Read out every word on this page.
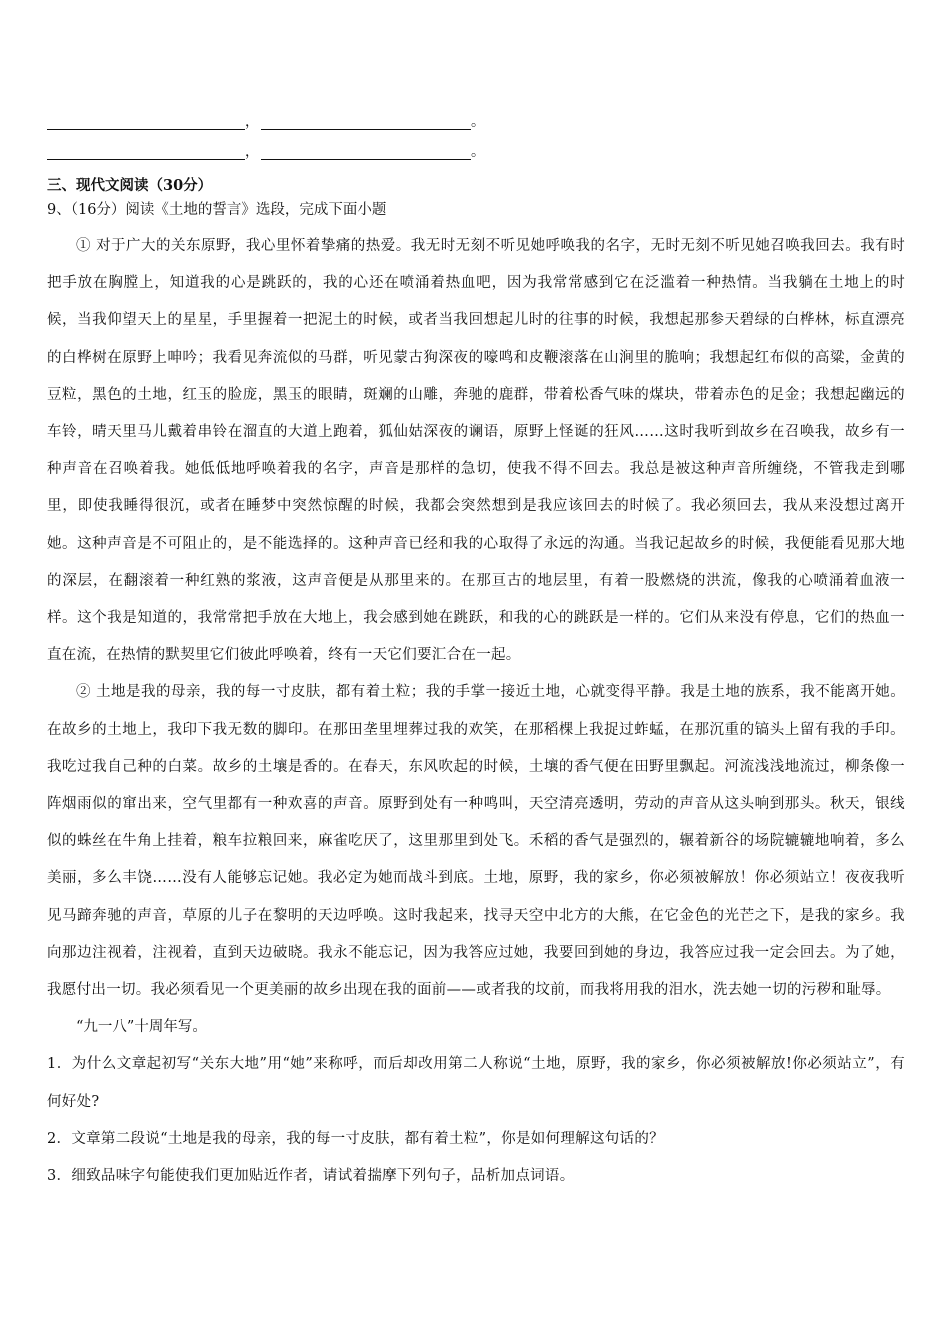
，	。
，	。
三、现代文阅读（30分）
9、（16分）阅读《土地的誓言》选段，完成下面小题

① 对于广大的关东原野，我心里怀着挚痛的热爱。我无时无刻不听见她呼唤我的名字，无时无刻不听见她召唤我回去。我有时把手放在胸膛上，知道我的心是跳跃的，我的心还在喷涌着热血吧，因为我常常感到它在泛滥着一种热情。当我躺在土地上的时候，当我仰望天上的星星，手里握着一把泥土的时候，或者当我回想起儿时的往事的时候，我想起那参天碧绿的白桦林，标直漂亮的白桦树在原野上呻吟；我看见奔流似的马群，听见蒙古狗深夜的嚎鸣和皮鞭滚落在山涧里的脆响；我想起红布似的高粱，金黄的豆粒，黑色的土地，红玉的脸庞，黑玉的眼睛，斑斓的山雕，奔驰的鹿群，带着松香气味的煤块，带着赤色的足金；我想起幽远的车铃，晴天里马儿戴着串铃在溜直的大道上跑着，狐仙姑深夜的谰语，原野上怪诞的狂风……这时我听到故乡在召唤我，故乡有一种声音在召唤着我。她低低地呼唤着我的名字，声音是那样的急切，使我不得不回去。我总是被这种声音所缠绕，不管我走到哪里，即使我睡得很沉，或者在睡梦中突然惊醒的时候，我都会突然想到是我应该回去的时候了。我必须回去，我从来没想过离开她。这种声音是不可阻止的，是不能选择的。这种声音已经和我的心取得了永远的沟通。当我记起故乡的时候，我便能看见那大地的深层，在翻滚着一种红熟的浆液，这声音便是从那里来的。在那亘古的地层里，有着一股燃烧的洪流，像我的心喷涌着血液一样。这个我是知道的，我常常把手放在大地上，我会感到她在跳跃，和我的心的跳跃是一样的。它们从来没有停息，它们的热血一直在流，在热情的默契里它们彼此呼唤着，终有一天它们要汇合在一起。

② 土地是我的母亲，我的每一寸皮肤，都有着土粒；我的手掌一接近土地，心就变得平静。我是土地的族系，我不能离开她。在故乡的土地上，我印下我无数的脚印。在那田垄里埋葬过我的欢笑，在那稻棵上我捉过蚱蜢，在那沉重的镐头上留有我的手印。我吃过我自己种的白菜。故乡的土壤是香的。在春天，东风吹起的时候，土壤的香气便在田野里飘起。河流浅浅地流过，柳条像一阵烟雨似的窜出来，空气里都有一种欢喜的声音。原野到处有一种鸣叫，天空清亮透明，劳动的声音从这头响到那头。秋天，银线似的蛛丝在牛角上挂着，粮车拉粮回来，麻雀吃厌了，这里那里到处飞。禾稻的香气是强烈的，辗着新谷的场院辘辘地响着，多么美丽，多么丰饶……没有人能够忘记她。我必定为她而战斗到底。土地，原野，我的家乡，你必须被解放！你必须站立！夜夜我听见马蹄奔驰的声音，草原的儿子在黎明的天边呼唤。这时我起来，找寻天空中北方的大熊，在它金色的光芒之下，是我的家乡。我向那边注视着，注视着，直到天边破晓。我永不能忘记，因为我答应过她，我要回到她的身边，我答应过我一定会回去。为了她，我愿付出一切。我必须看见一个更美丽的故乡出现在我的面前——或者我的坟前，而我将用我的泪水，洗去她一切的污秽和耻辱。

“九一八”十周年写。
1．为什么文章起初写“关东大地”用“她”来称呼，而后却改用第二人称说“土地，原野，我的家乡，你必须被解放!你必须站立”，有何好处?
2．文章第二段说“土地是我的母亲，我的每一寸皮肤，都有着土粒”，你是如何理解这句话的？
3．细致品味字句能使我们更加贴近作者，请试着揣摩下列句子，品析加点词语。
